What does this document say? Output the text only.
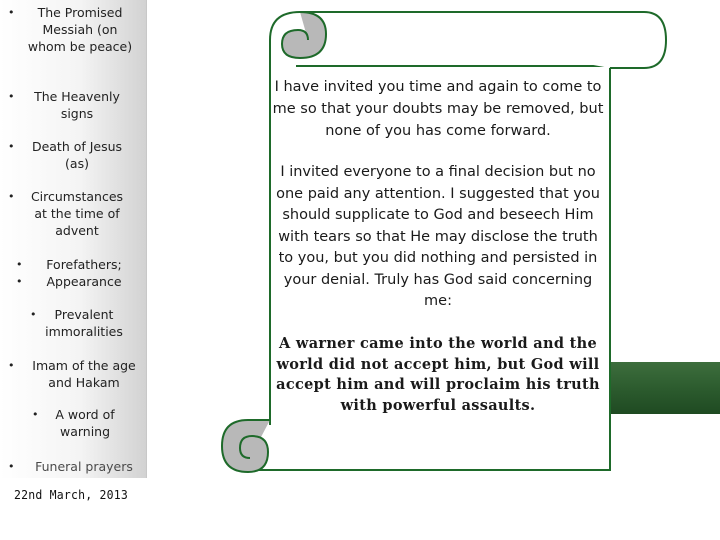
• The Promised Messiah (on whom be peace)
• The Heavenly signs
• Death of Jesus (as)
• Circumstances at the time of advent
•
•
Forefathers; Appearance
• Prevalent immoralities
• Imam of the age and Hakam
• A word of warning
• Funeral prayers
22nd March, 2013
I have invited you time and again to come to me so that your doubts may be removed, but none of you has come forward.
I invited everyone to a final decision but no one paid any attention. I suggested that you should supplicate to God and beseech Him with tears so that He may disclose the truth to you, but you did nothing and persisted in your denial. Truly has God said concerning me:
A warner came into the world and the world did not accept him, but God will accept him and will proclaim his truth with powerful assaults.
